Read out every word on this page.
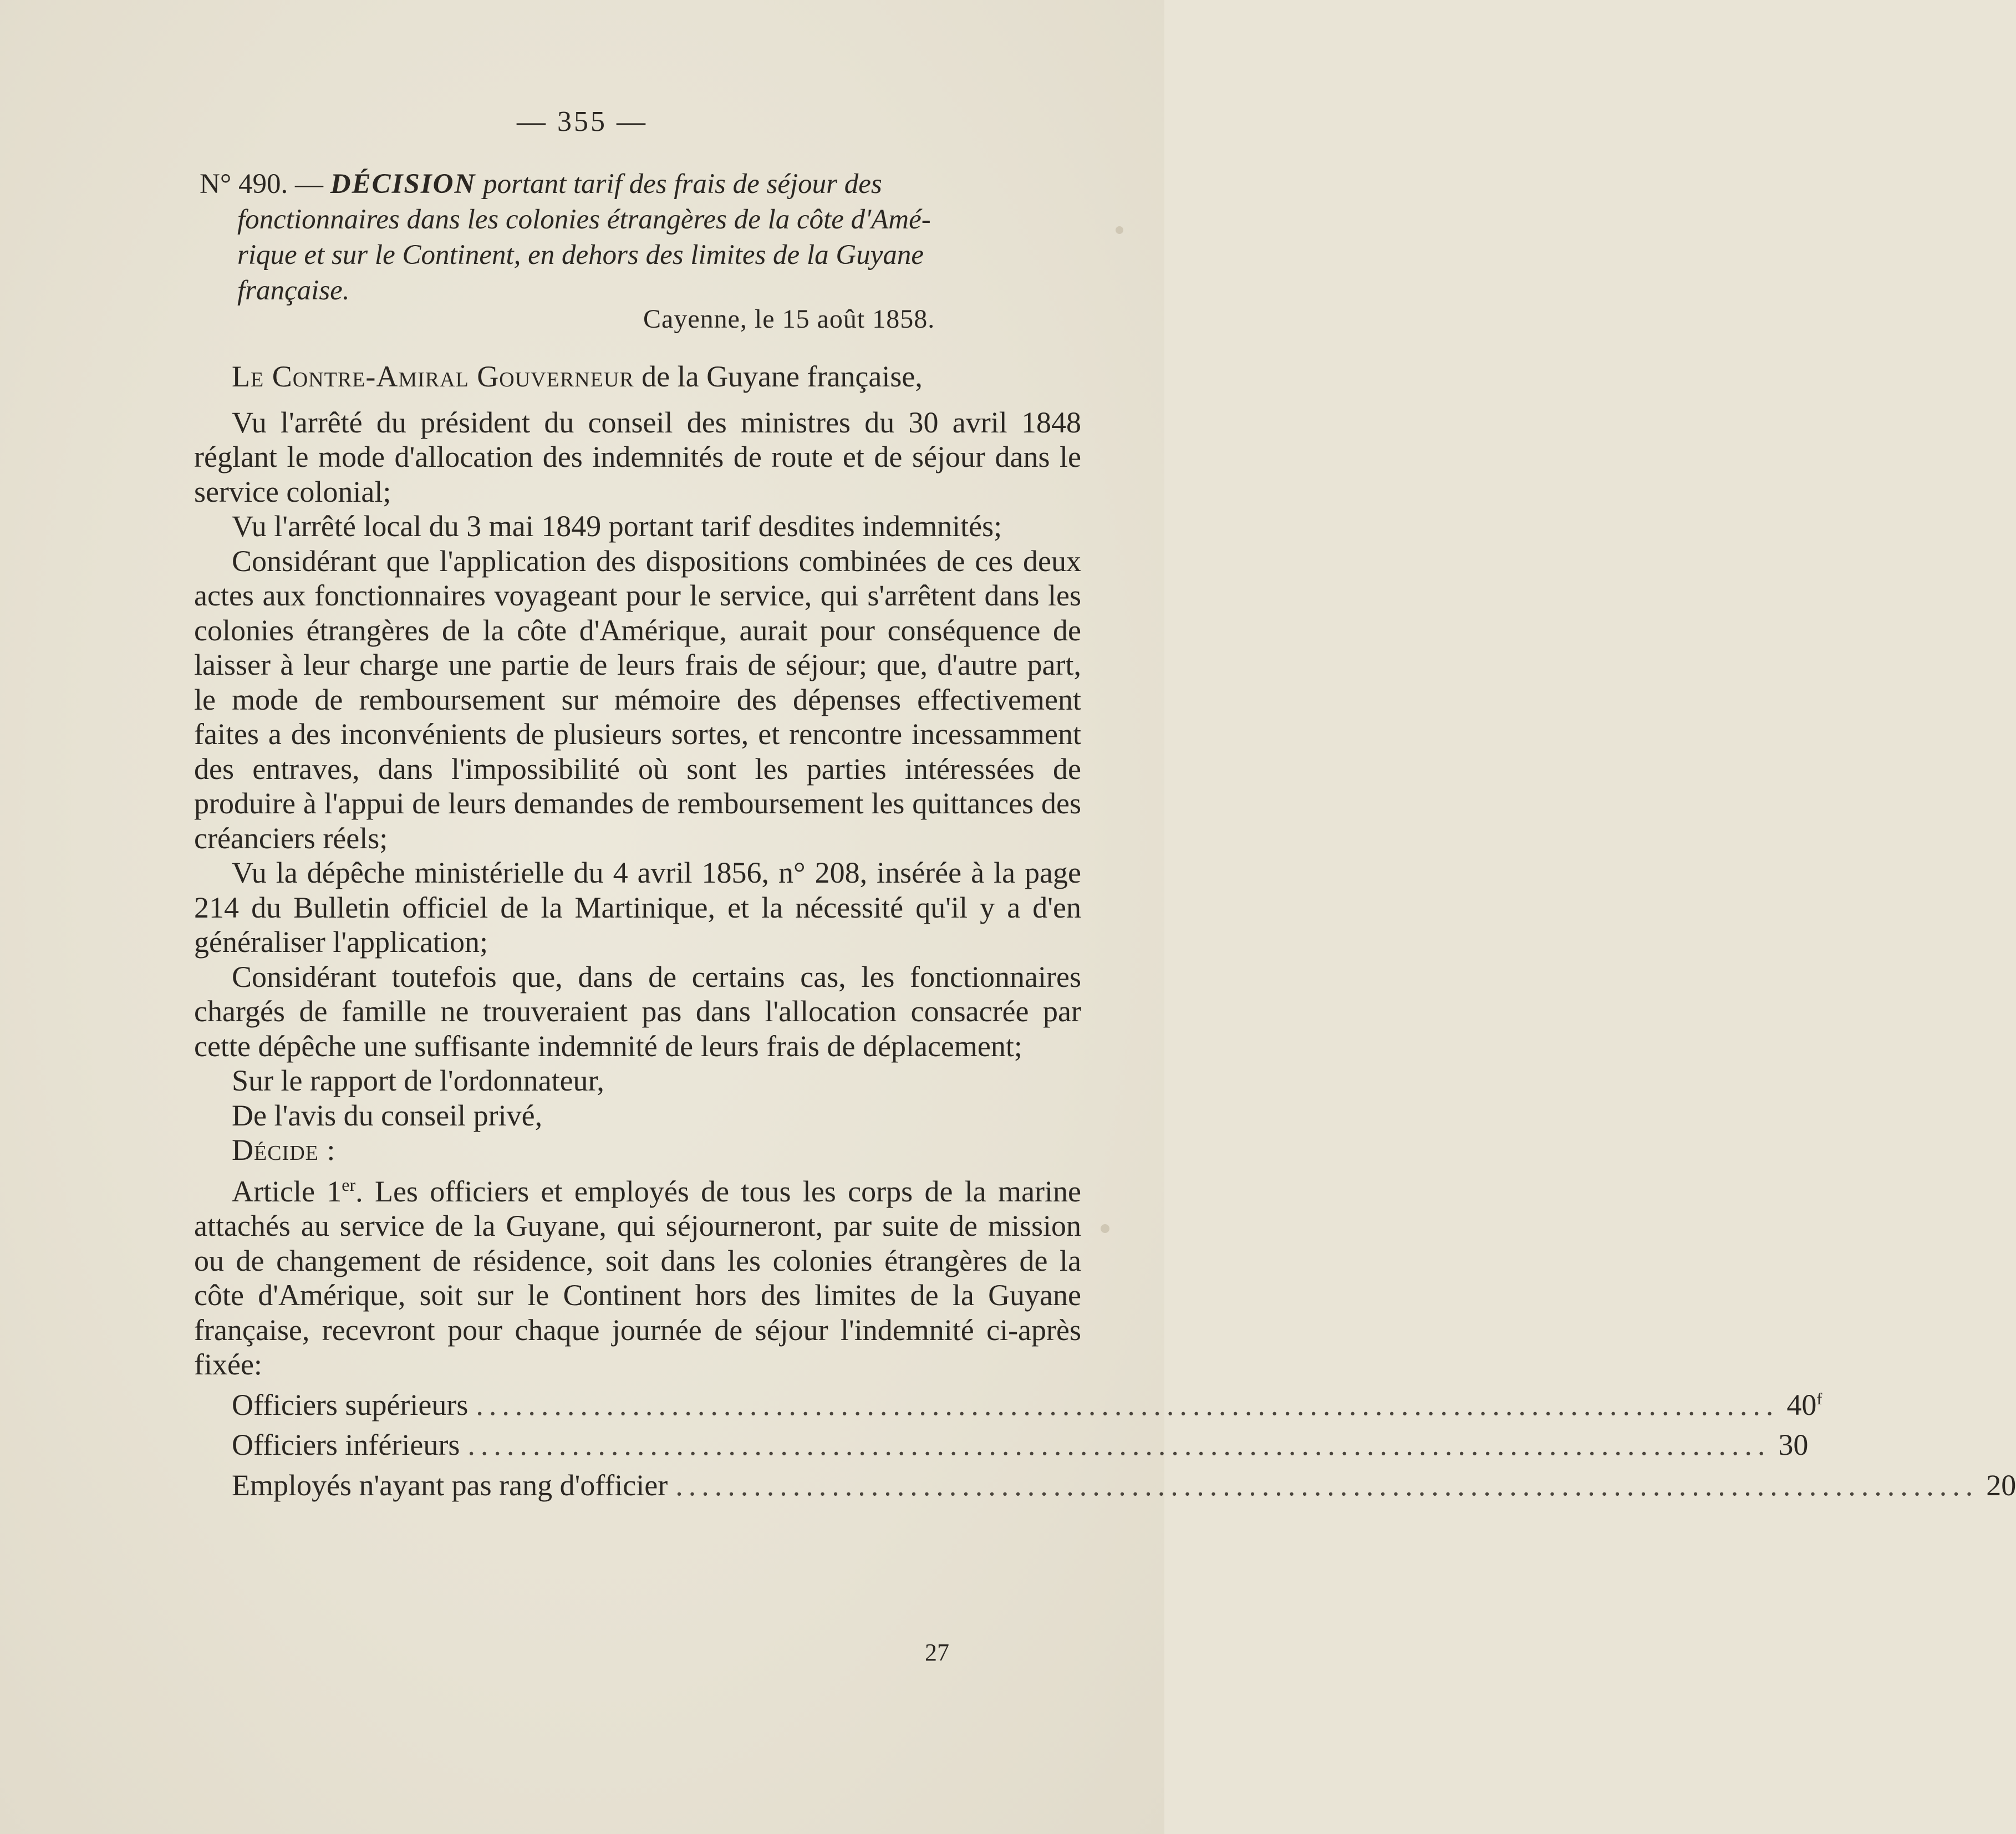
— 355 —
N° 490. — DÉCISION portant tarif des frais de séjour des
fonctionnaires dans les colonies étrangères de la côte d'Amé-
rique et sur le Continent, en dehors des limites de la Guyane
française.
Cayenne, le 15 août 1858.

Le Contre-Amiral Gouverneur de la Guyane française,

Vu l'arrêté du président du conseil des ministres du 30 avril 1848 réglant le mode d'allocation des indemnités de route et de séjour dans le service colonial;

Vu l'arrêté local du 3 mai 1849 portant tarif desdites indemnités;

Considérant que l'application des dispositions combinées de ces deux actes aux fonctionnaires voyageant pour le service, qui s'arrêtent dans les colonies étrangères de la côte d'Amérique, aurait pour conséquence de laisser à leur charge une partie de leurs frais de séjour; que, d'autre part, le mode de remboursement sur mémoire des dépenses effectivement faites a des inconvénients de plusieurs sortes, et rencontre incessamment des entraves, dans l'impossibilité où sont les parties intéressées de produire à l'appui de leurs demandes de remboursement les quittances des créanciers réels;

Vu la dépêche ministérielle du 4 avril 1856, n° 208, insérée à la page 214 du Bulletin officiel de la Martinique, et la nécessité qu'il y a d'en généraliser l'application;

Considérant toutefois que, dans de certains cas, les fonctionnaires chargés de famille ne trouveraient pas dans l'allocation consacrée par cette dépêche une suffisante indemnité de leurs frais de déplacement;

Sur le rapport de l'ordonnateur,

De l'avis du conseil privé,

Décide :

Article 1er. Les officiers et employés de tous les corps de la marine attachés au service de la Guyane, qui séjourneront, par suite de mission ou de changement de résidence, soit dans les colonies étrangères de la côte d'Amérique, soit sur le Continent hors des limites de la Guyane française, recevront pour chaque journée de séjour l'indemnité ci-après fixée:

Officiers supérieurs .................................................................................................... 40$^f$
Officiers inférieurs .................................................................................................... 30
Employés n'ayant pas rang d'officier .................................................................................................... 20
27
